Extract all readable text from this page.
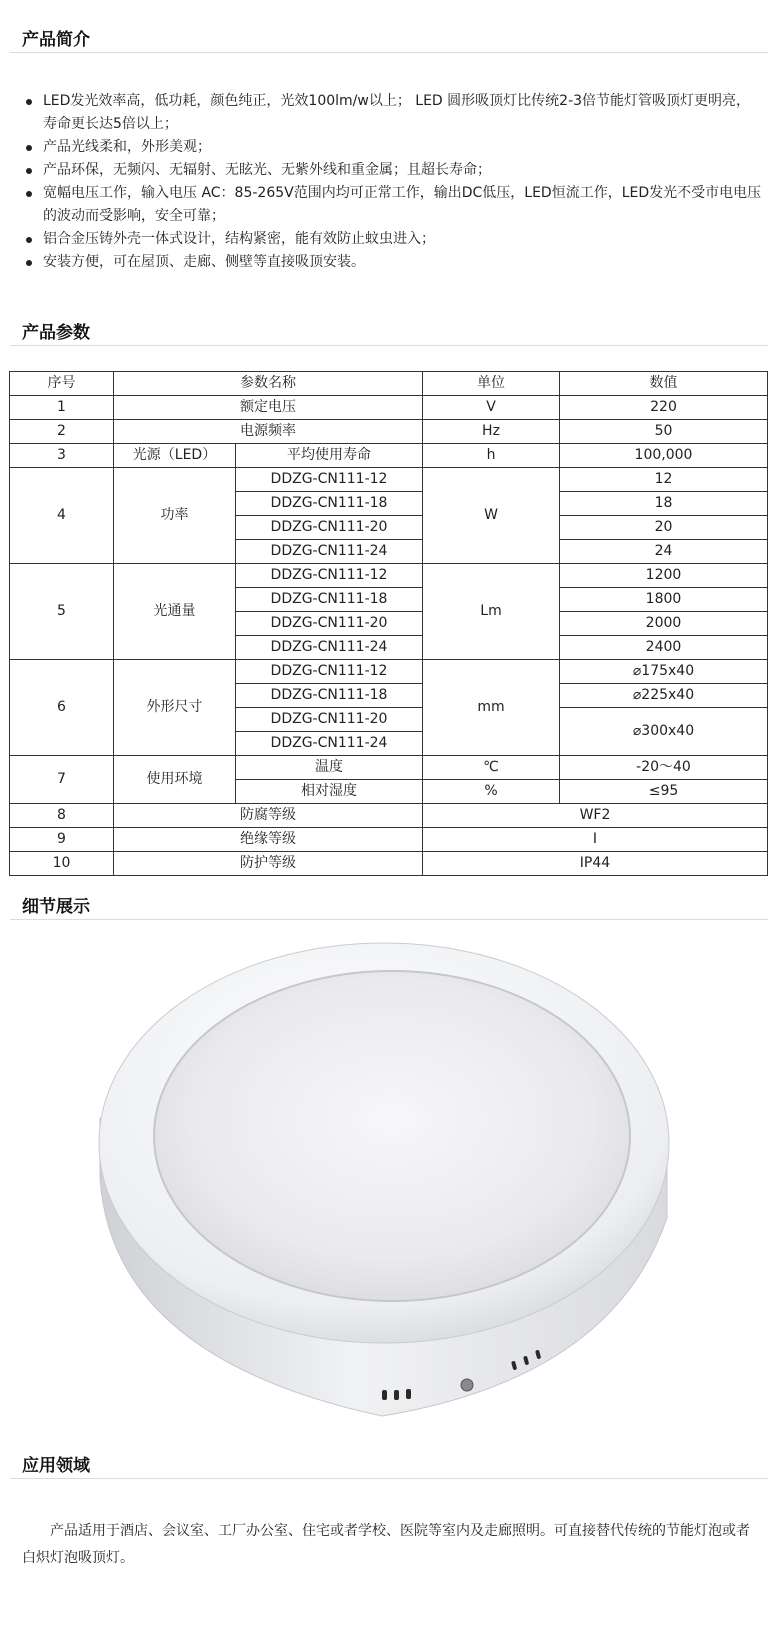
产品简介
LED发光效率高，低功耗，颜色纯正，光效100lm/w以上； LED 圆形吸顶灯比传统2-3倍节能灯管吸顶灯更明亮，寿命更长达5倍以上；
产品光线柔和，外形美观；
产品环保，无频闪、无辐射、无眩光、无紫外线和重金属；且超长寿命；
宽幅电压工作，输入电压 AC：85-265V范围内均可正常工作，输出DC低压，LED恒流工作，LED发光不受市电电压的波动而受影响，安全可靠；
铝合金压铸外壳一体式设计，结构紧密，能有效防止蚊虫进入；
安装方便，可在屋顶、走廊、侧壁等直接吸顶安装。
产品参数
序号	参数名称		单位	数值
1	额定电压		V	220
2	电源频率		Hz	50
3	光源（LED）	平均使用寿命	h	100,000
4	功率	DDZG-CN111-12	W	12
		DDZG-CN111-18		18
		DDZG-CN111-20		20
		DDZG-CN111-24		24
5	光通量	DDZG-CN111-12	Lm	1200
		DDZG-CN111-18		1800
		DDZG-CN111-20		2000
		DDZG-CN111-24		2400
6	外形尺寸	DDZG-CN111-12	mm	⌀175x40
		DDZG-CN111-18		⌀225x40
		DDZG-CN111-20		⌀300x40
		DDZG-CN111-24		
7	使用环境	温度	℃	-20～40
		相对湿度	%	≤95
8	防腐等级		WF2	
9	绝缘等级		I	
10	防护等级		IP44	
细节展示
应用领域
产品适用于酒店、会议室、工厂办公室、住宅或者学校、医院等室内及走廊照明。可直接替代传统的节能灯泡或者白炽灯泡吸顶灯。
